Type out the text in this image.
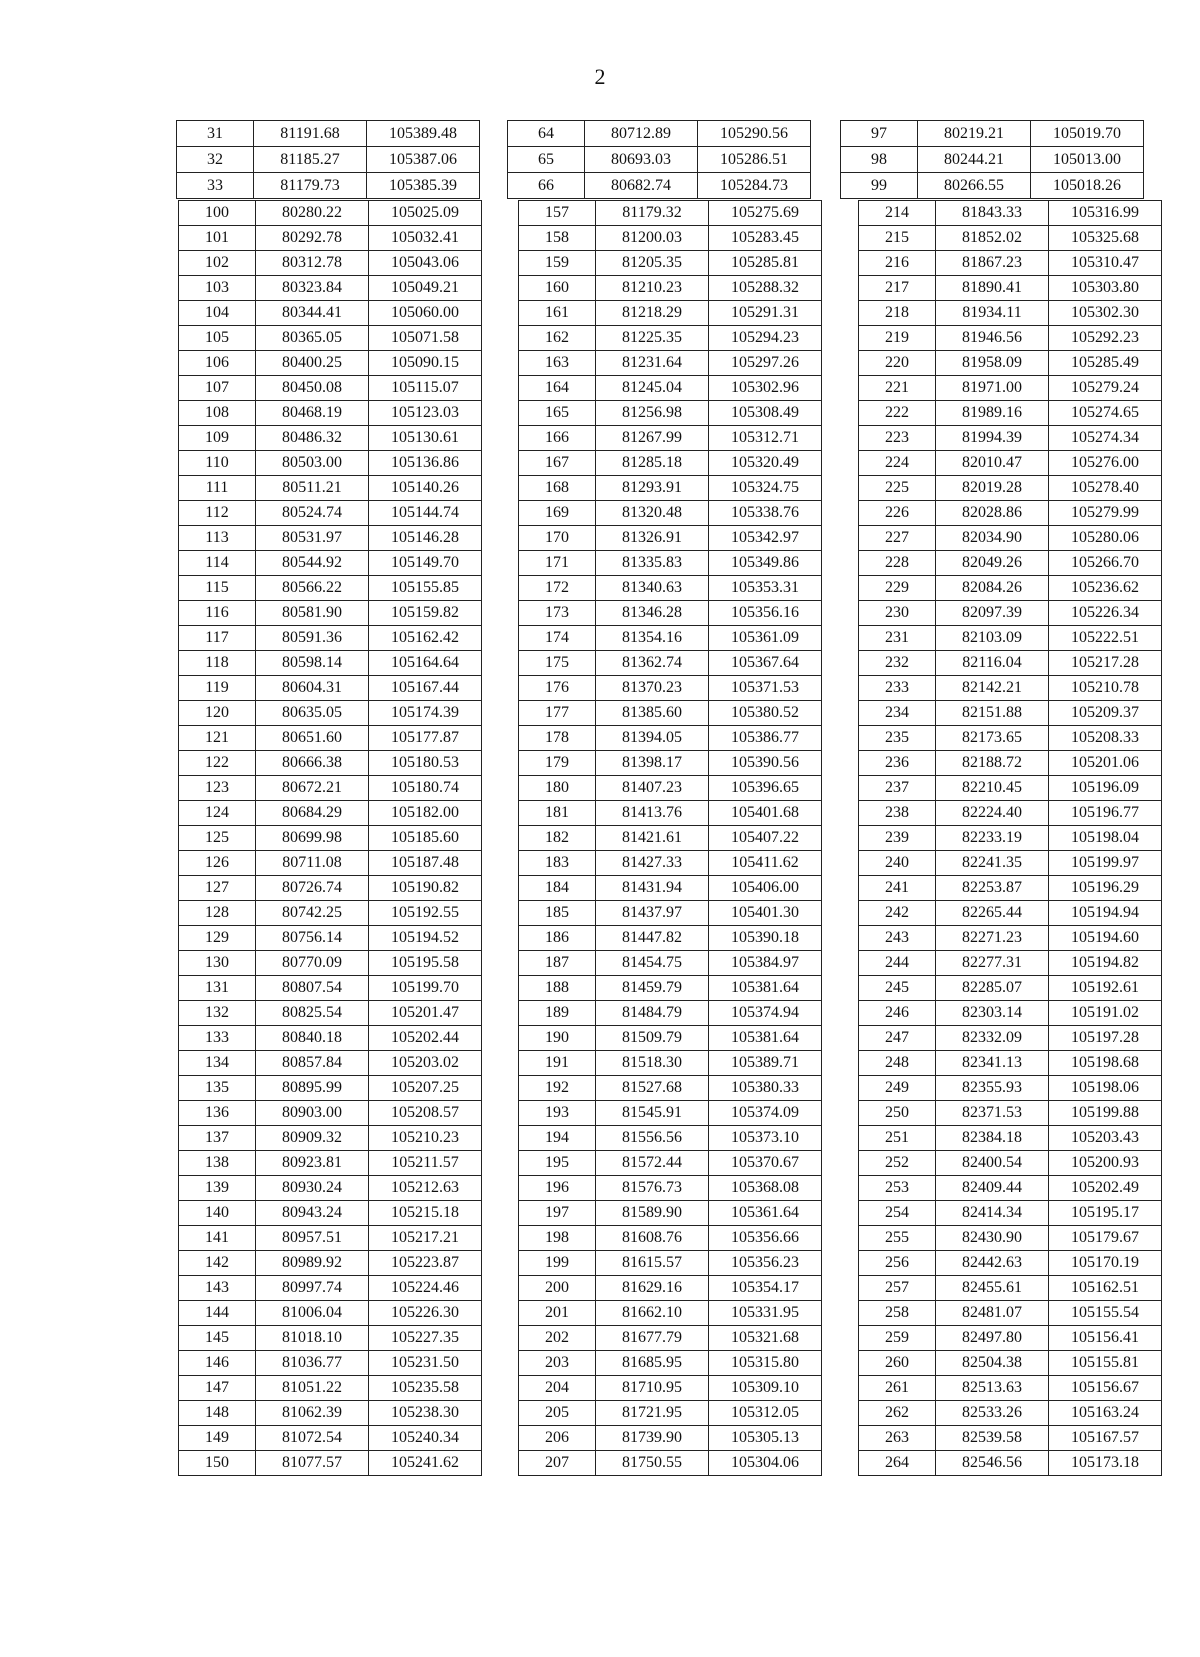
2
31	81191.68	105389.48
32	81185.27	105387.06
33	81179.73	105385.39
64	80712.89	105290.56
65	80693.03	105286.51
66	80682.74	105284.73
97	80219.21	105019.70
98	80244.21	105013.00
99	80266.55	105018.26
100	80280.22	105025.09
101	80292.78	105032.41
102	80312.78	105043.06
103	80323.84	105049.21
104	80344.41	105060.00
105	80365.05	105071.58
106	80400.25	105090.15
107	80450.08	105115.07
108	80468.19	105123.03
109	80486.32	105130.61
110	80503.00	105136.86
111	80511.21	105140.26
112	80524.74	105144.74
113	80531.97	105146.28
114	80544.92	105149.70
115	80566.22	105155.85
116	80581.90	105159.82
117	80591.36	105162.42
118	80598.14	105164.64
119	80604.31	105167.44
120	80635.05	105174.39
121	80651.60	105177.87
122	80666.38	105180.53
123	80672.21	105180.74
124	80684.29	105182.00
125	80699.98	105185.60
126	80711.08	105187.48
127	80726.74	105190.82
128	80742.25	105192.55
129	80756.14	105194.52
130	80770.09	105195.58
131	80807.54	105199.70
132	80825.54	105201.47
133	80840.18	105202.44
134	80857.84	105203.02
135	80895.99	105207.25
136	80903.00	105208.57
137	80909.32	105210.23
138	80923.81	105211.57
139	80930.24	105212.63
140	80943.24	105215.18
141	80957.51	105217.21
142	80989.92	105223.87
143	80997.74	105224.46
144	81006.04	105226.30
145	81018.10	105227.35
146	81036.77	105231.50
147	81051.22	105235.58
148	81062.39	105238.30
149	81072.54	105240.34
150	81077.57	105241.62
157	81179.32	105275.69
158	81200.03	105283.45
159	81205.35	105285.81
160	81210.23	105288.32
161	81218.29	105291.31
162	81225.35	105294.23
163	81231.64	105297.26
164	81245.04	105302.96
165	81256.98	105308.49
166	81267.99	105312.71
167	81285.18	105320.49
168	81293.91	105324.75
169	81320.48	105338.76
170	81326.91	105342.97
171	81335.83	105349.86
172	81340.63	105353.31
173	81346.28	105356.16
174	81354.16	105361.09
175	81362.74	105367.64
176	81370.23	105371.53
177	81385.60	105380.52
178	81394.05	105386.77
179	81398.17	105390.56
180	81407.23	105396.65
181	81413.76	105401.68
182	81421.61	105407.22
183	81427.33	105411.62
184	81431.94	105406.00
185	81437.97	105401.30
186	81447.82	105390.18
187	81454.75	105384.97
188	81459.79	105381.64
189	81484.79	105374.94
190	81509.79	105381.64
191	81518.30	105389.71
192	81527.68	105380.33
193	81545.91	105374.09
194	81556.56	105373.10
195	81572.44	105370.67
196	81576.73	105368.08
197	81589.90	105361.64
198	81608.76	105356.66
199	81615.57	105356.23
200	81629.16	105354.17
201	81662.10	105331.95
202	81677.79	105321.68
203	81685.95	105315.80
204	81710.95	105309.10
205	81721.95	105312.05
206	81739.90	105305.13
207	81750.55	105304.06
214	81843.33	105316.99
215	81852.02	105325.68
216	81867.23	105310.47
217	81890.41	105303.80
218	81934.11	105302.30
219	81946.56	105292.23
220	81958.09	105285.49
221	81971.00	105279.24
222	81989.16	105274.65
223	81994.39	105274.34
224	82010.47	105276.00
225	82019.28	105278.40
226	82028.86	105279.99
227	82034.90	105280.06
228	82049.26	105266.70
229	82084.26	105236.62
230	82097.39	105226.34
231	82103.09	105222.51
232	82116.04	105217.28
233	82142.21	105210.78
234	82151.88	105209.37
235	82173.65	105208.33
236	82188.72	105201.06
237	82210.45	105196.09
238	82224.40	105196.77
239	82233.19	105198.04
240	82241.35	105199.97
241	82253.87	105196.29
242	82265.44	105194.94
243	82271.23	105194.60
244	82277.31	105194.82
245	82285.07	105192.61
246	82303.14	105191.02
247	82332.09	105197.28
248	82341.13	105198.68
249	82355.93	105198.06
250	82371.53	105199.88
251	82384.18	105203.43
252	82400.54	105200.93
253	82409.44	105202.49
254	82414.34	105195.17
255	82430.90	105179.67
256	82442.63	105170.19
257	82455.61	105162.51
258	82481.07	105155.54
259	82497.80	105156.41
260	82504.38	105155.81
261	82513.63	105156.67
262	82533.26	105163.24
263	82539.58	105167.57
264	82546.56	105173.18
